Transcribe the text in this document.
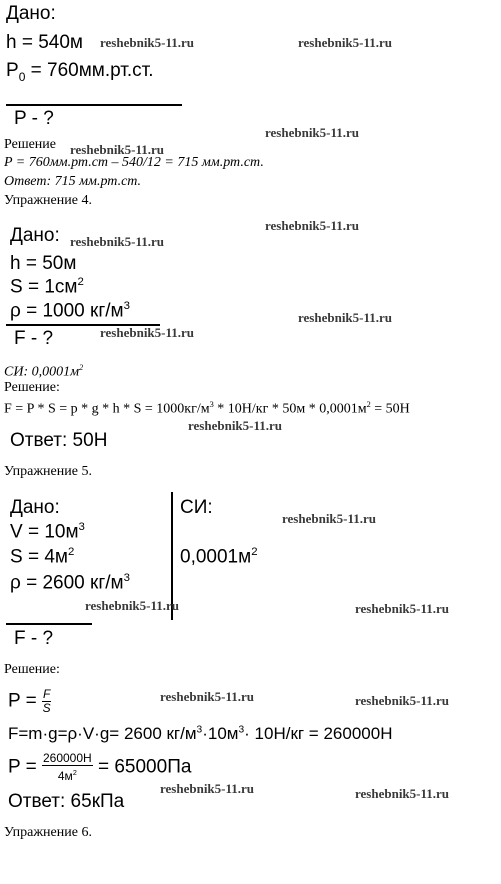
Дано:
h = 540м
$P_0 = 760мм.рт.ст$.
P - ?
Решение
P = 760мм.рт.ст – 540/12 = 715 мм.рт.ст.
Ответ: 715 мм.рт.ст.
Упражнение 4.
Дано:
h = 50м
$S = 1см^2$
ρ = 1000 $кг/м^3$
F - ?
СИ: $0,0001м^2$
Решение:
$F = P * S = p * g * h * S = 1000кг/м^3 * 10Н/кг * 50м * 0,0001м^2 = 50Н$
Ответ: 50Н
Упражнение 5.
Дано:
$V = 10м^3$
$S = 4м^2$
ρ = 2600 $кг/м^3$
СИ:
$0,0001м^2$
F - ?
Решение:
$P = \frac{F}{S}$
F=m·g=ρ·V·g= 2600 $кг/м^3\cdot 10м^3\cdot 10Н/кг = 260000Н$
$P = \frac{260000Н}{4м^2} = 65000Па$
Ответ: 65кПа
Упражнение 6.
reshebnik5-11.ru	reshebnik5-11.ru
reshebnik5-11.ru
reshebnik5-11.ru
reshebnik5-11.ru
reshebnik5-11.ru
reshebnik5-11.ru
reshebnik5-11.ru
reshebnik5-11.ru
reshebnik5-11.ru
reshebnik5-11.ru	reshebnik5-11.ru
reshebnik5-11.ru	reshebnik5-11.ru
reshebnik5-11.ru	reshebnik5-11.ru
